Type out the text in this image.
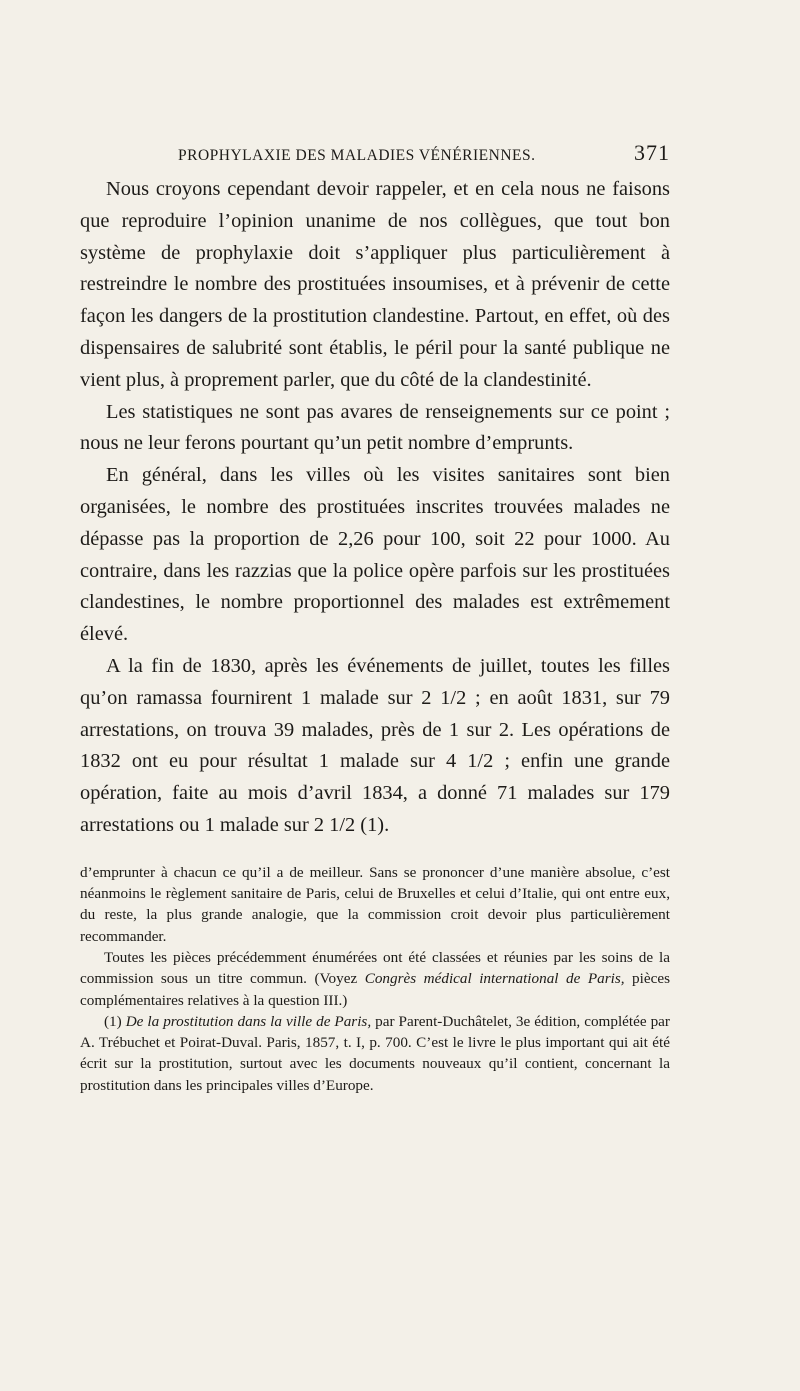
PROPHYLAXIE DES MALADIES VÉNÉRIENNES.	371

Nous croyons cependant devoir rappeler, et en cela nous ne faisons que reproduire l’opinion unanime de nos collègues, que tout bon système de prophylaxie doit s’appliquer plus particulièrement à restreindre le nombre des prostituées insoumises, et à prévenir de cette façon les dangers de la prostitution clandestine. Partout, en effet, où des dispensaires de salubrité sont établis, le péril pour la santé publique ne vient plus, à proprement parler, que du côté de la clandestinité.

Les statistiques ne sont pas avares de renseignements sur ce point ; nous ne leur ferons pourtant qu’un petit nombre d’emprunts.

En général, dans les villes où les visites sanitaires sont bien organisées, le nombre des prostituées inscrites trouvées malades ne dépasse pas la proportion de 2,26 pour 100, soit 22 pour 1000. Au contraire, dans les razzias que la police opère parfois sur les prostituées clandestines, le nombre proportionnel des malades est extrêmement élevé.

A la fin de 1830, après les événements de juillet, toutes les filles qu’on ramassa fournirent 1 malade sur 2 1/2 ; en août 1831, sur 79 arrestations, on trouva 39 malades, près de 1 sur 2. Les opérations de 1832 ont eu pour résultat 1 malade sur 4 1/2 ; enfin une grande opération, faite au mois d’avril 1834, a donné 71 malades sur 179 arrestations ou 1 malade sur 2 1/2 (1).

d’emprunter à chacun ce qu’il a de meilleur. Sans se prononcer d’une manière absolue, c’est néanmoins le règlement sanitaire de Paris, celui de Bruxelles et celui d’Italie, qui ont entre eux, du reste, la plus grande analogie, que la commission croit devoir plus particulièrement recommander.

Toutes les pièces précédemment énumérées ont été classées et réunies par les soins de la commission sous un titre commun. (Voyez Congrès médical international de Paris, pièces complémentaires relatives à la question III.)

(1) De la prostitution dans la ville de Paris, par Parent-Duchâtelet, 3e édition, complétée par A. Trébuchet et Poirat-Duval. Paris, 1857, t. I, p. 700. C’est le livre le plus important qui ait été écrit sur la prostitution, surtout avec les documents nouveaux qu’il contient, concernant la prostitution dans les principales villes d’Europe.
